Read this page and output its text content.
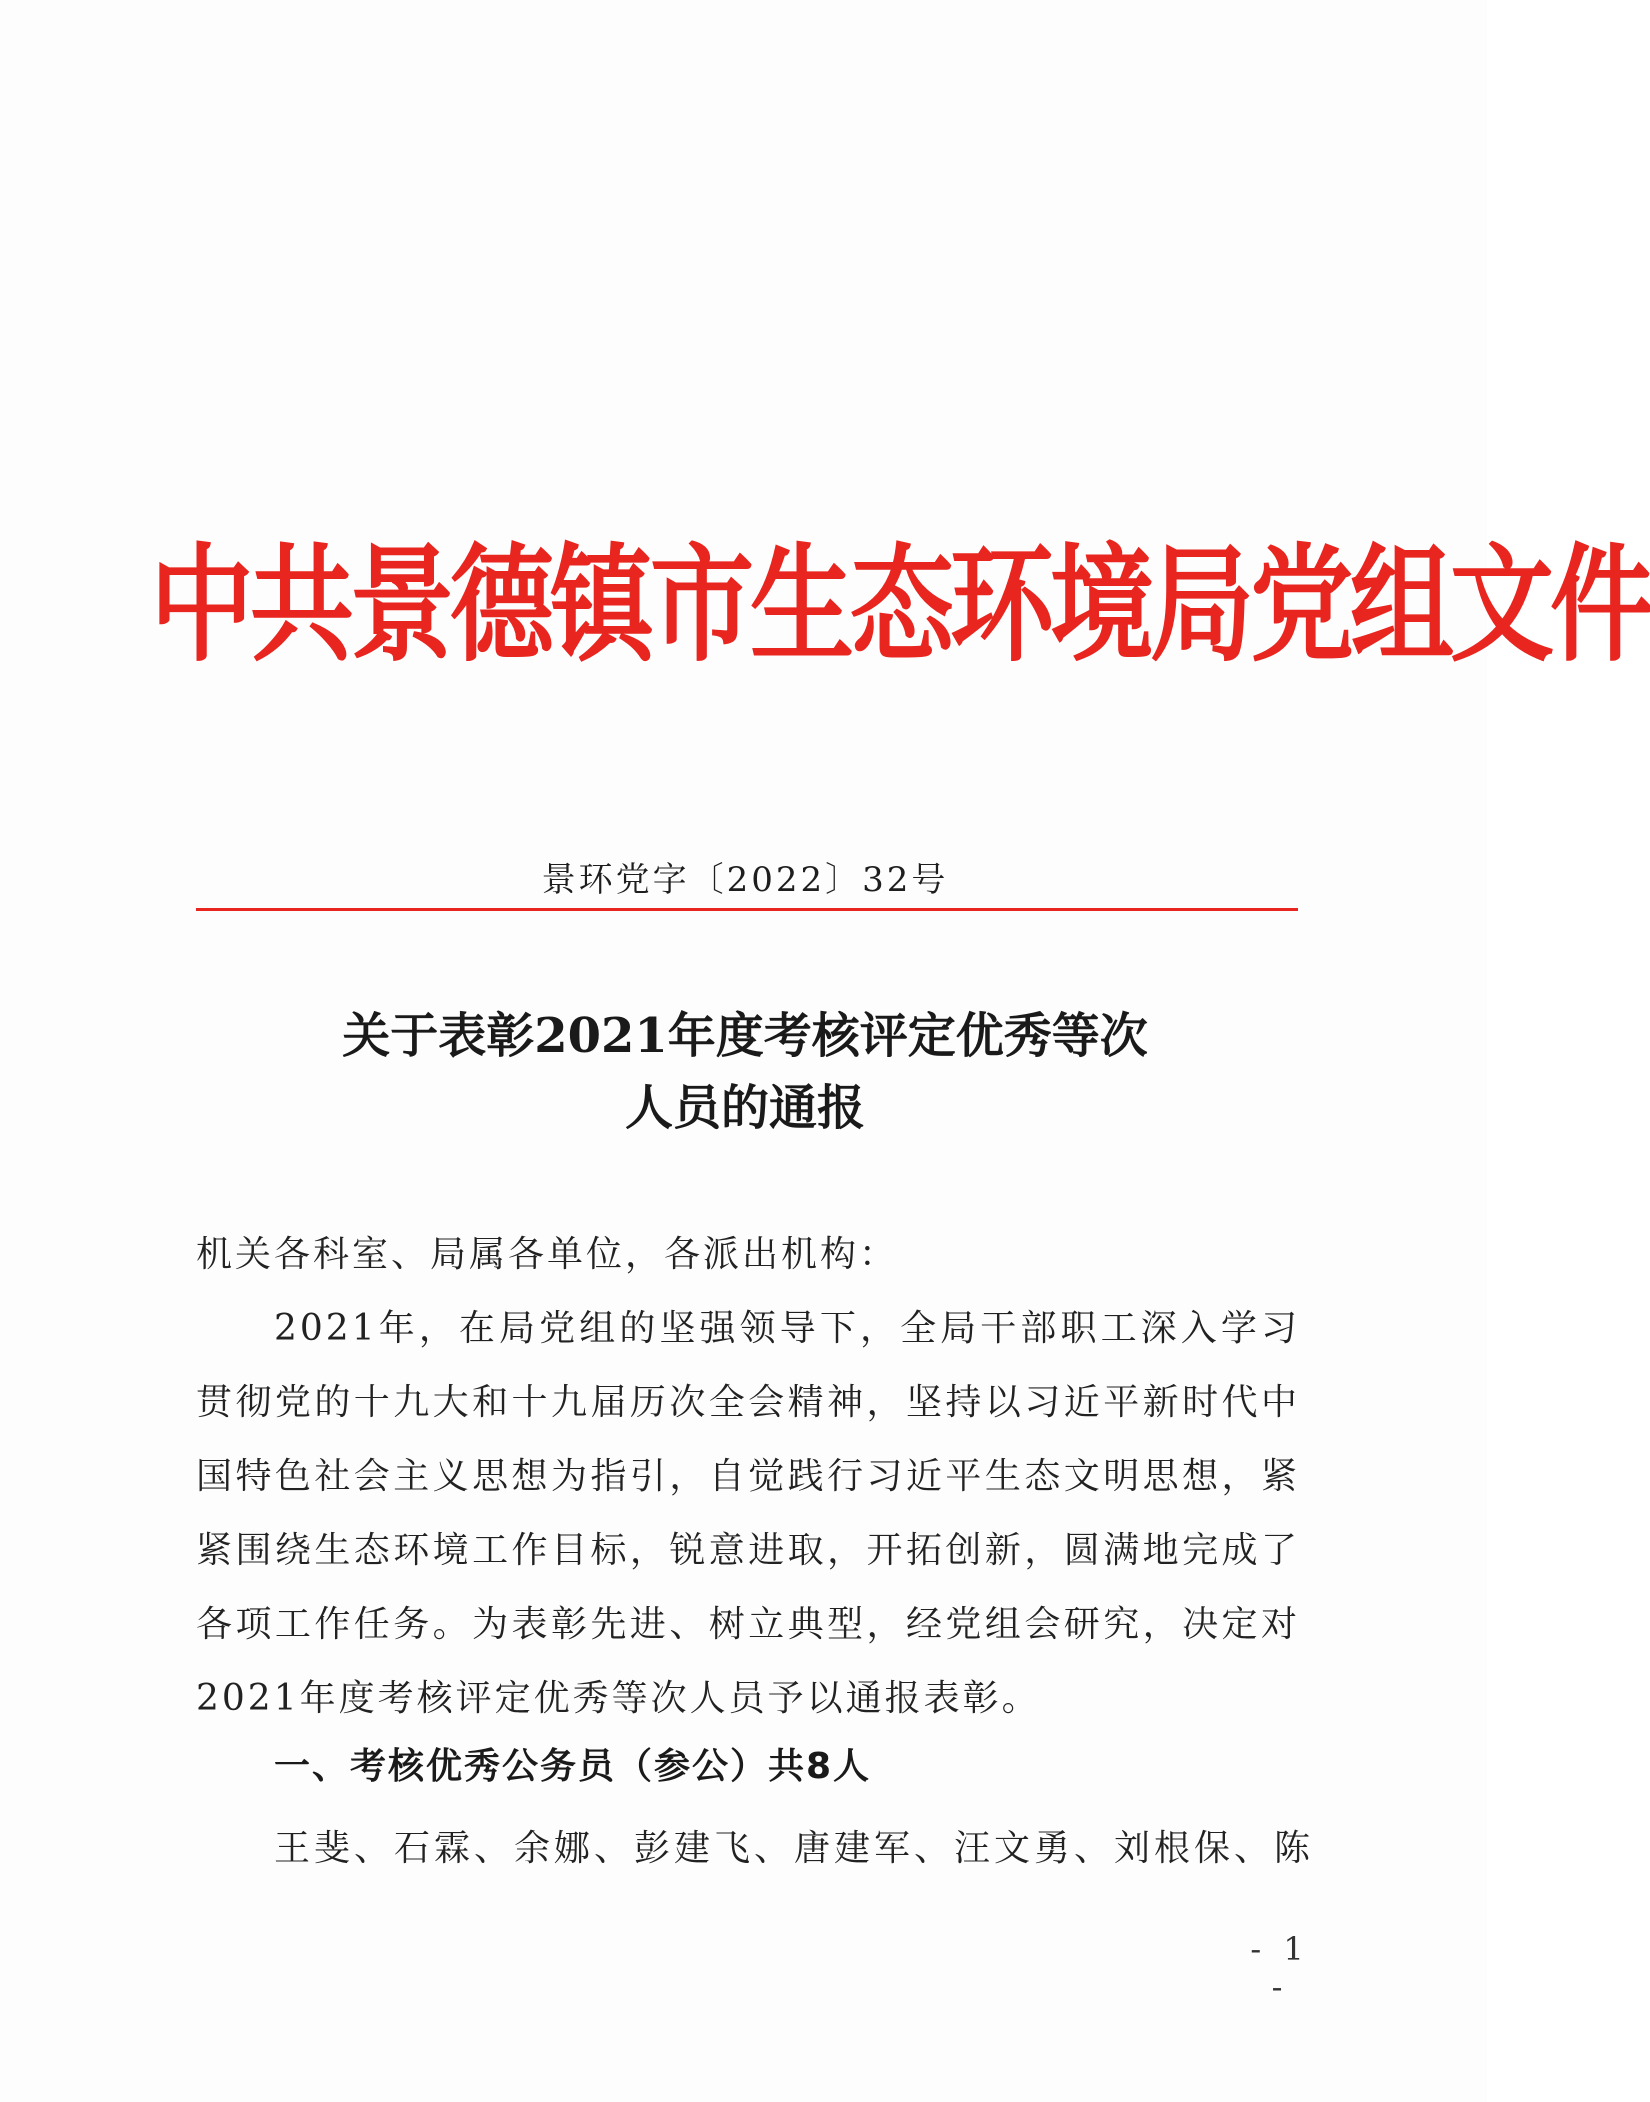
中共景德镇市生态环境局党组文件
景环党字〔2022〕32号
关于表彰2021年度考核评定优秀等次
人员的通报
机关各科室、局属各单位，各派出机构：
2021年，在局党组的坚强领导下，全局干部职工深入学习贯彻党的十九大和十九届历次全会精神，坚持以习近平新时代中国特色社会主义思想为指引，自觉践行习近平生态文明思想，紧紧围绕生态环境工作目标，锐意进取，开拓创新，圆满地完成了各项工作任务。为表彰先进、树立典型，经党组会研究，决定对2021年度考核评定优秀等次人员予以通报表彰。
一、考核优秀公务员（参公）共8人
王斐、石霖、余娜、彭建飞、唐建军、汪文勇、刘根保、陈
- 1 -
